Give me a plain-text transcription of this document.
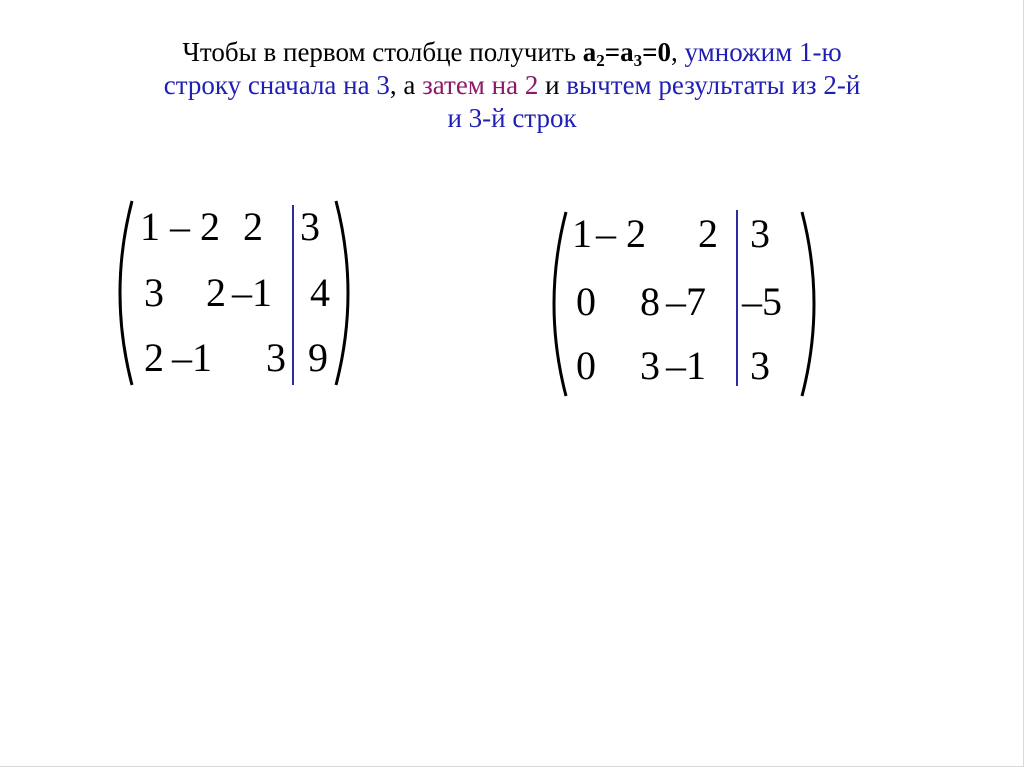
Чтобы в первом столбце получить $a_2=a_3=0$, умножим 1-ю
строку сначала на 3, а затем на 2 и вычтем результаты из 2-й
и 3-й строк
1 – 2 2 3
3 2 –1 4
2 –1 3 9
1 – 2 2 3
0 8 –7 –5
0 3 –1 3
